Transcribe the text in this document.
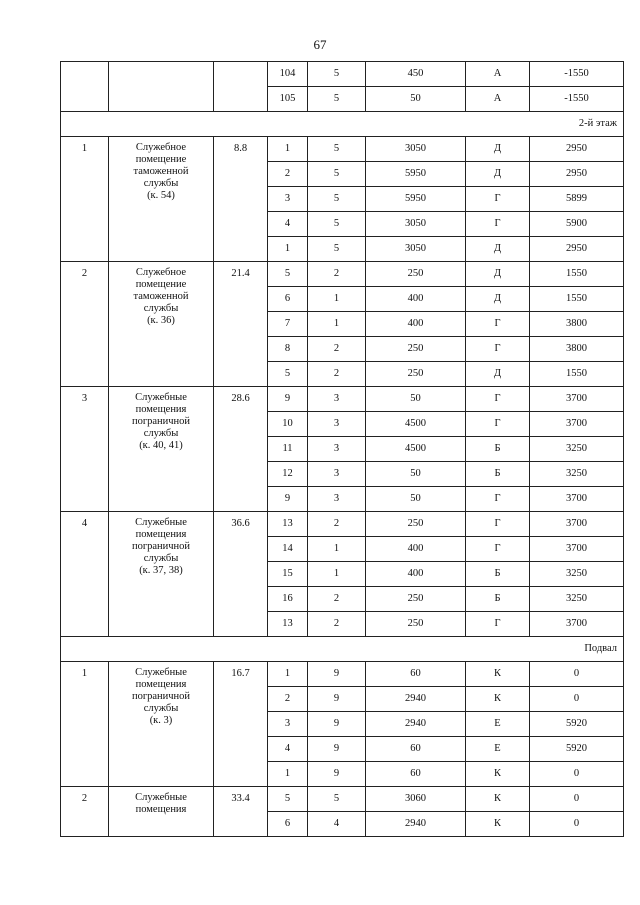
67
			104	5	450	А	-1550
			105	5	50	А	-1550
2-й этаж							
1	Служебное
помещение
таможенной
службы
(к. 54)	8.8	1	5	3050	Д	2950
			2	5	5950	Д	2950
			3	5	5950	Г	5899
			4	5	3050	Г	5900
			1	5	3050	Д	2950
2	Служебное
помещение
таможенной
службы
(к. 36)	21.4	5	2	250	Д	1550
			6	1	400	Д	1550
			7	1	400	Г	3800
			8	2	250	Г	3800
			5	2	250	Д	1550
3	Служебные
помещения
пограничной
службы
(к. 40, 41)	28.6	9	3	50	Г	3700
			10	3	4500	Г	3700
			11	3	4500	Б	3250
			12	3	50	Б	3250
			9	3	50	Г	3700
4	Служебные
помещения
пограничной
службы
(к. 37, 38)	36.6	13	2	250	Г	3700
			14	1	400	Г	3700
			15	1	400	Б	3250
			16	2	250	Б	3250
			13	2	250	Г	3700
Подвал							
1	Служебные
помещения
пограничной
службы
(к. 3)	16.7	1	9	60	К	0
			2	9	2940	К	0
			3	9	2940	Е	5920
			4	9	60	Е	5920
			1	9	60	К	0
2	Служебные
помещения	33.4	5	5	3060	К	0
			6	4	2940	К	0
